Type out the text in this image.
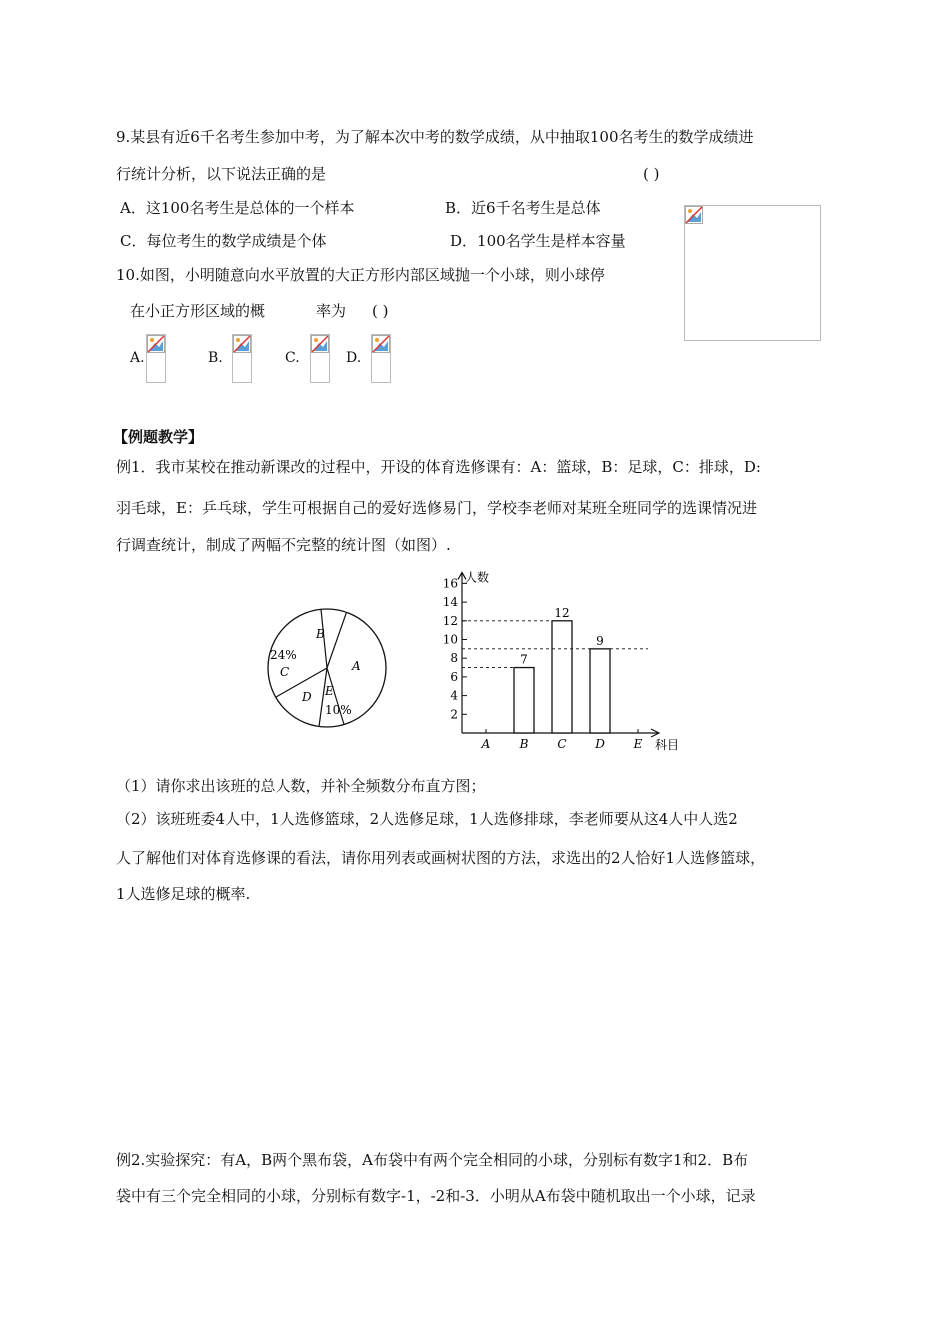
9.某县有近6千名考生参加中考，为了解本次中考的数学成绩，从中抽取100名考生的数学成绩进
行统计分析，以下说法正确的是	( )
A．这100名考生是总体的一个样本	B．近6千名考生是总体
C．每位考生的数学成绩是个体	D．100名学生是样本容量
10.如图，小明随意向水平放置的大正方形内部区域抛一个小球，则小球停
在小正方形区域的概	率为 ( )
A.	B.	C.	D.
【例题教学】
例1．我市某校在推动新课改的过程中，开设的体育选修课有：A：篮球，B：足球，C：排球，D:
羽毛球，E：乒乓球，学生可根据自己的爱好选修易门，学校李老师对某班全班同学的选课情况进
行调查统计，制成了两幅不完整的统计图（如图）.
B
A
24%
C
D E
10%	2
4
6
8
10
12
14
16 人数
科目
A B
7
C
12
D
9
E
（1）请你求出该班的总人数，并补全频数分布直方图；
（2）该班班委4人中，1人选修篮球，2人选修足球，1人选修排球，李老师要从这4人中人选2
人了解他们对体育选修课的看法，请你用列表或画树状图的方法，求选出的2人恰好1人选修篮球，
1人选修足球的概率.
例2.实验探究：有A，B两个黑布袋，A布袋中有两个完全相同的小球，分别标有数字1和2．B布
袋中有三个完全相同的小球，分别标有数字-1，-2和-3．小明从A布袋中随机取出一个小球，记录
